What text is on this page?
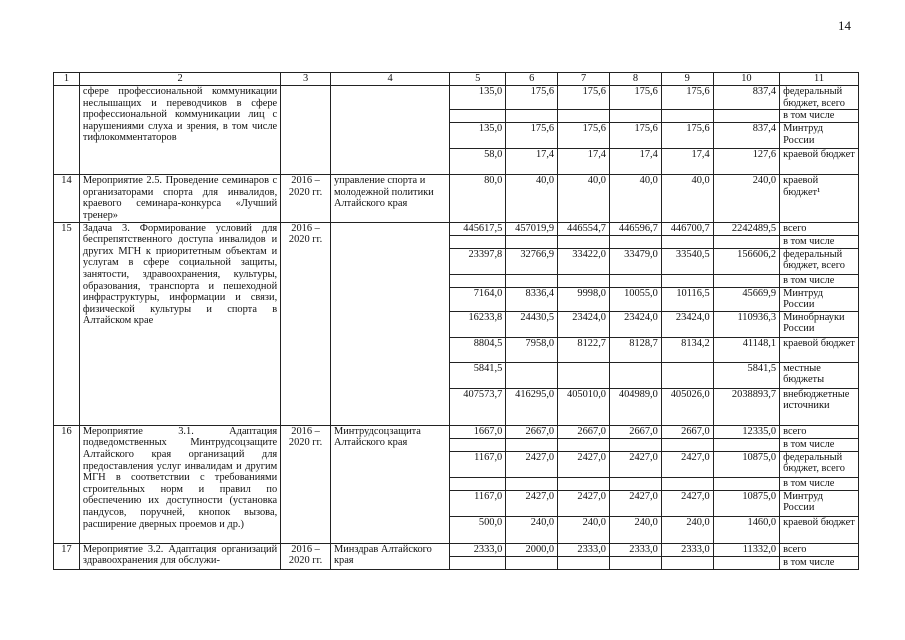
14
1	2	3	4	5	6	7	8	9	10	11
	сфере профессиональной коммуникации неслышащих и переводчиков в сфере профессиональной коммуникации лиц с нарушениями слуха и зрения, в том числе тифлокомментаторов			135,0	175,6	175,6	175,6	175,6	837,4	федеральный бюджет, всего
										в том числе
				135,0	175,6	175,6	175,6	175,6	837,4	Минтруд России
				58,0	17,4	17,4	17,4	17,4	127,6	краевой бюджет
14	Мероприятие 2.5. Проведение семинаров с организаторами спорта для инвалидов, краевого семинара-конкурса «Лучший тренер»	2016 – 2020 гг.	управление спорта и молодежной политики Алтайского края	80,0	40,0	40,0	40,0	40,0	240,0	краевой бюджет¹
15	Задача 3. Формирование условий для беспрепятственного доступа инвалидов и других МГН к приоритетным объектам и услугам в сфере социальной защиты, занятости, здравоохранения, культуры, образования, транспорта и пешеходной инфраструктуры, информации и связи, физической культуры и спорта в Алтайском крае	2016 – 2020 гг.		445617,5	457019,9	446554,7	446596,7	446700,7	2242489,5	всего
										в том числе
				23397,8	32766,9	33422,0	33479,0	33540,5	156606,2	федеральный бюджет, всего
										в том числе
				7164,0	8336,4	9998,0	10055,0	10116,5	45669,9	Минтруд России
				16233,8	24430,5	23424,0	23424,0	23424,0	110936,3	Минобрнауки России
				8804,5	7958,0	8122,7	8128,7	8134,2	41148,1	краевой бюджет
				5841,5					5841,5	местные бюджеты
				407573,7	416295,0	405010,0	404989,0	405026,0	2038893,7	внебюджетные источники
16	Мероприятие 3.1. Адаптация подведомственных Минтрудсоцзащите Алтайского края организаций для предоставления услуг инвалидам и другим МГН в соответствии с требованиями строительных норм и правил по обеспечению их доступности (установка пандусов, поручней, кнопок вызова, расширение дверных проемов и др.)	2016 – 2020 гг.	Минтрудсоцзащита Алтайского края	1667,0	2667,0	2667,0	2667,0	2667,0	12335,0	всего
										в том числе
				1167,0	2427,0	2427,0	2427,0	2427,0	10875,0	федеральный бюджет, всего
										в том числе
				1167,0	2427,0	2427,0	2427,0	2427,0	10875,0	Минтруд России
				500,0	240,0	240,0	240,0	240,0	1460,0	краевой бюджет
17	Мероприятие 3.2. Адаптация организаций здравоохранения для обслужи-	2016 – 2020 гг.	Минздрав Алтайского края	2333,0	2000,0	2333,0	2333,0	2333,0	11332,0	всего
										в том числе
